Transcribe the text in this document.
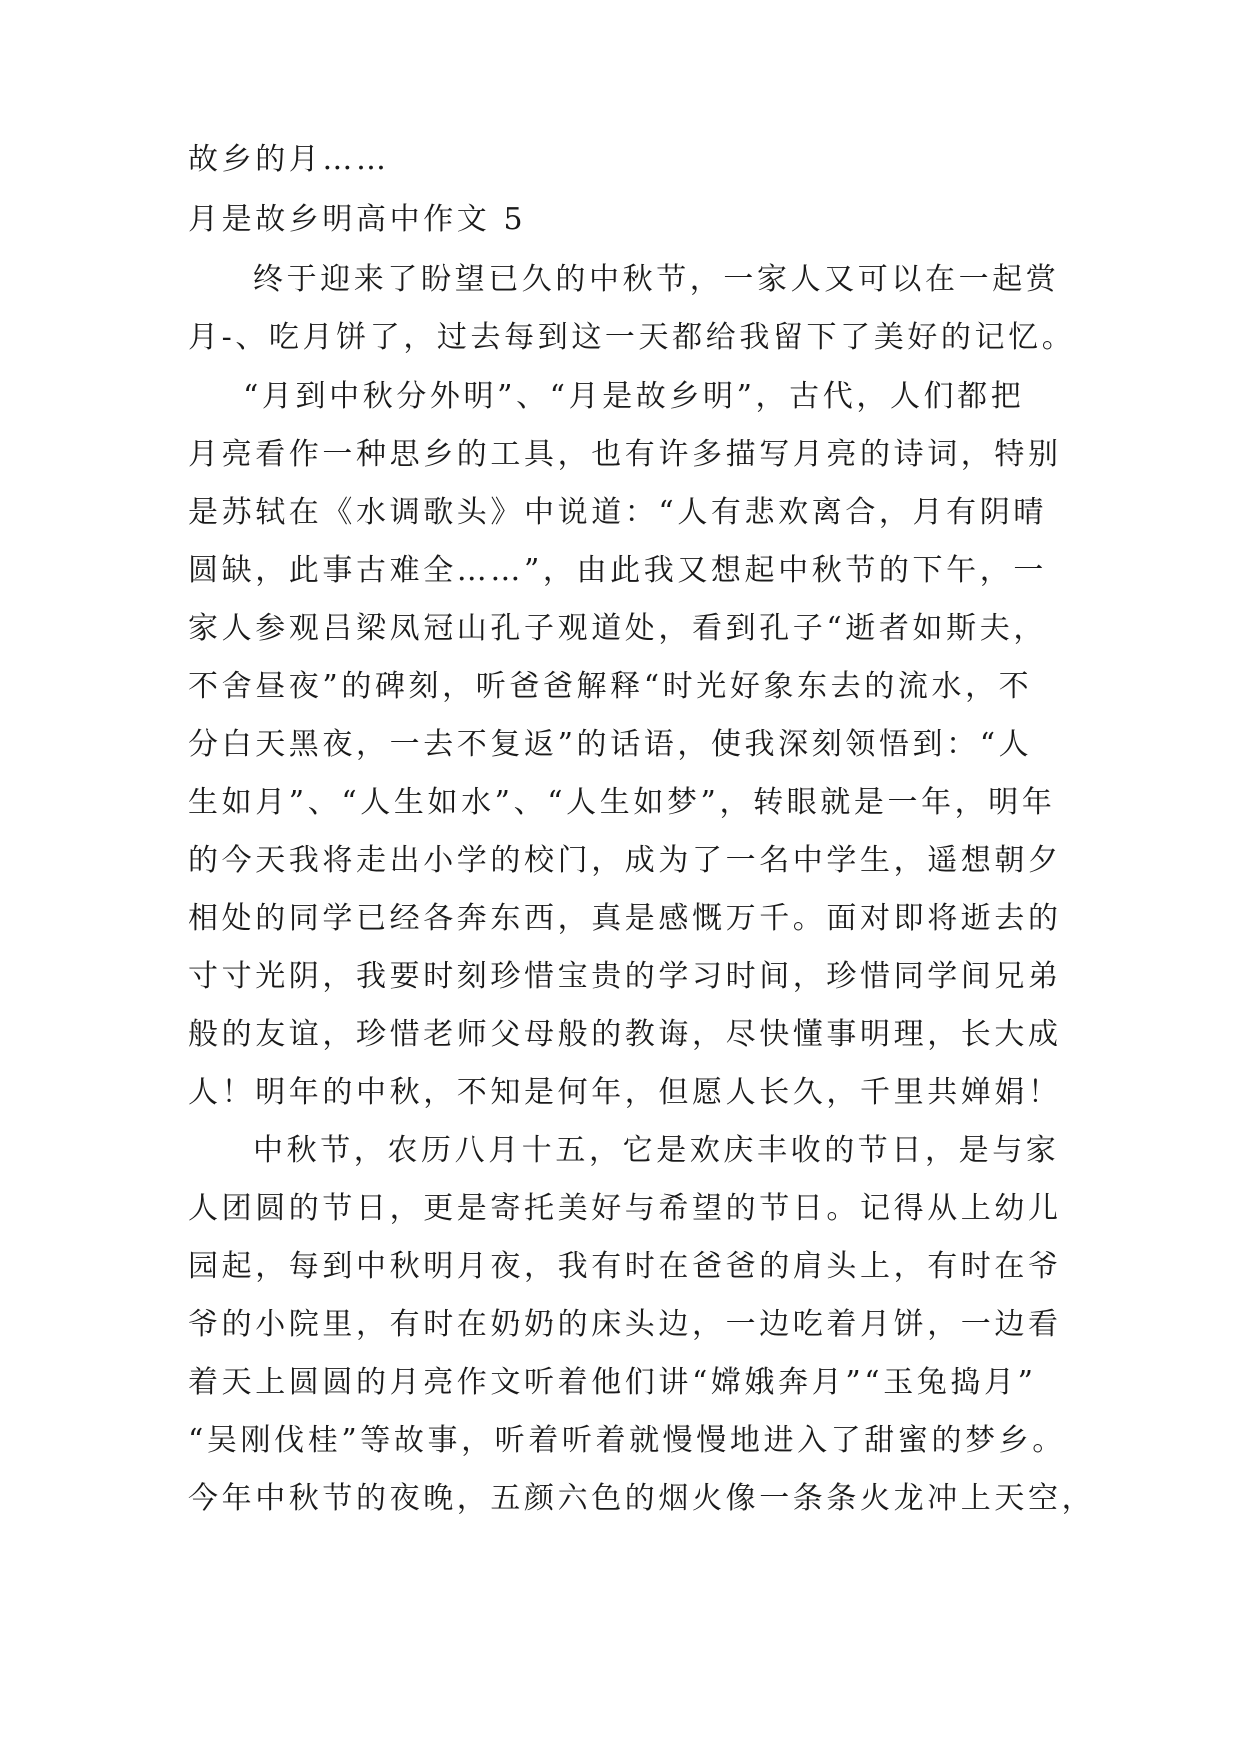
故乡的月……

月是故乡明高中作文 5

终于迎来了盼望已久的中秋节，一家人又可以在一起赏

月-、吃月饼了，过去每到这一天都给我留下了美好的记忆。

“月到中秋分外明”、“月是故乡明”，古代，人们都把

月亮看作一种思乡的工具，也有许多描写月亮的诗词，特别

是苏轼在《水调歌头》中说道：“人有悲欢离合，月有阴晴

圆缺，此事古难全……”，由此我又想起中秋节的下午，一

家人参观吕梁凤冠山孔子观道处，看到孔子“逝者如斯夫，

不舍昼夜”的碑刻，听爸爸解释“时光好象东去的流水，不

分白天黑夜，一去不复返”的话语，使我深刻领悟到：“人

生如月”、“人生如水”、“人生如梦”，转眼就是一年，明年

的今天我将走出小学的校门，成为了一名中学生，遥想朝夕

相处的同学已经各奔东西，真是感慨万千。面对即将逝去的

寸寸光阴，我要时刻珍惜宝贵的学习时间，珍惜同学间兄弟

般的友谊，珍惜老师父母般的教诲，尽快懂事明理，长大成

人！明年的中秋，不知是何年，但愿人长久，千里共婵娟！

中秋节，农历八月十五，它是欢庆丰收的节日，是与家

人团圆的节日，更是寄托美好与希望的节日。记得从上幼儿

园起，每到中秋明月夜，我有时在爸爸的肩头上，有时在爷

爷的小院里，有时在奶奶的床头边，一边吃着月饼，一边看

着天上圆圆的月亮作文听着他们讲“嫦娥奔月”“玉兔捣月”

“吴刚伐桂”等故事，听着听着就慢慢地进入了甜蜜的梦乡。

今年中秋节的夜晚，五颜六色的烟火像一条条火龙冲上天空，
